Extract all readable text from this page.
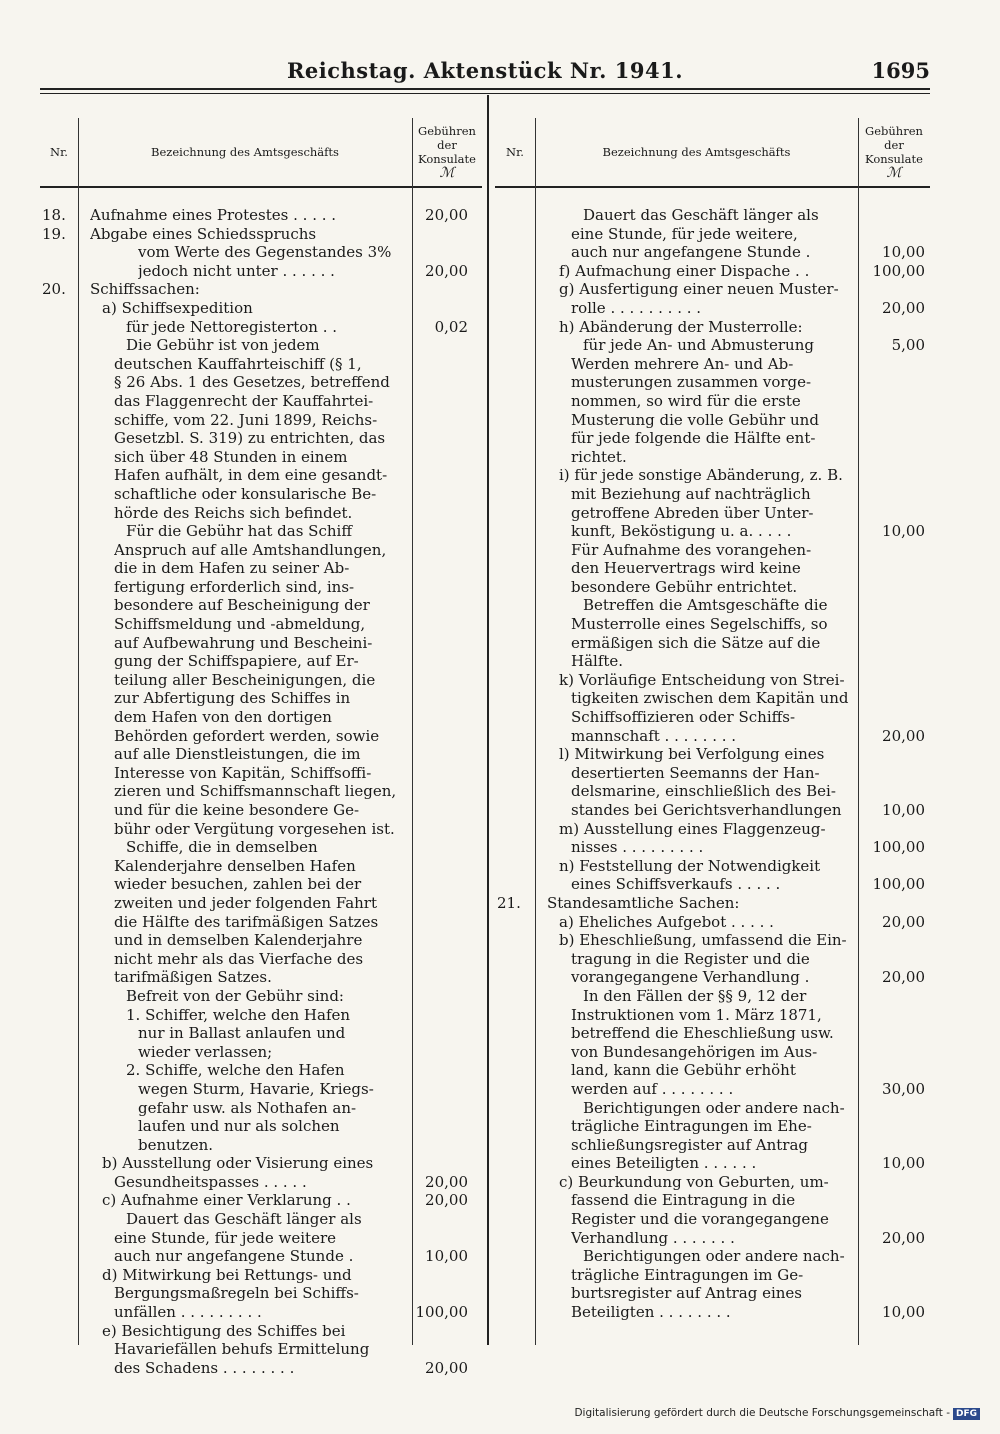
Reichstag. Aktenstück Nr. 1941.	1695
Nr.	Bezeichnung des Amtsgeschäfts
Gebühren
der
Konsulate
ℳ
18.	Aufnahme eines Protestes . . . . .	20,00
19.	Abgabe eines Schiedsspruchs
vom Werte des Gegenstandes 3%
jedoch nicht unter . . . . . .	20,00
20.	Schiffssachen:
a) Schiffsexpedition
für jede Nettoregisterton . .	0,02
Die Gebühr ist von jedem
deutschen Kauffahrteischiff (§ 1,
§ 26 Abs. 1 des Gesetzes, betreffend
das Flaggenrecht der Kauffahrtei-
schiffe, vom 22. Juni 1899, Reichs-
Gesetzbl. S. 319) zu entrichten, das
sich über 48 Stunden in einem
Hafen aufhält, in dem eine gesandt-
schaftliche oder konsularische Be-
hörde des Reichs sich befindet.
Für die Gebühr hat das Schiff
Anspruch auf alle Amtshandlungen,
die in dem Hafen zu seiner Ab-
fertigung erforderlich sind, ins-
besondere auf Bescheinigung der
Schiffsmeldung und -abmeldung,
auf Aufbewahrung und Bescheini-
gung der Schiffspapiere, auf Er-
teilung aller Bescheinigungen, die
zur Abfertigung des Schiffes in
dem Hafen von den dortigen
Behörden gefordert werden, sowie
auf alle Dienstleistungen, die im
Interesse von Kapitän, Schiffsoffi-
zieren und Schiffsmannschaft liegen,
und für die keine besondere Ge-
bühr oder Vergütung vorgesehen ist.
Schiffe, die in demselben
Kalenderjahre denselben Hafen
wieder besuchen, zahlen bei der
zweiten und jeder folgenden Fahrt
die Hälfte des tarifmäßigen Satzes
und in demselben Kalenderjahre
nicht mehr als das Vierfache des
tarifmäßigen Satzes.
Befreit von der Gebühr sind:
1. Schiffer, welche den Hafen
nur in Ballast anlaufen und
wieder verlassen;
2. Schiffe, welche den Hafen
wegen Sturm, Havarie, Kriegs-
gefahr usw. als Nothafen an-
laufen und nur als solchen
benutzen.
b) Ausstellung oder Visierung eines
Gesundheitspasses . . . . .	20,00
c) Aufnahme einer Verklarung . .	20,00
Dauert das Geschäft länger als
eine Stunde, für jede weitere
auch nur angefangene Stunde .	10,00
d) Mitwirkung bei Rettungs- und
Bergungsmaßregeln bei Schiffs-
unfällen . . . . . . . . .	100,00
e) Besichtigung des Schiffes bei
Havariefällen behufs Ermittelung
des Schadens . . . . . . . .	20,00
Nr.	Bezeichnung des Amtsgeschäfts
Gebühren
der
Konsulate
ℳ
Dauert das Geschäft länger als
eine Stunde, für jede weitere,
auch nur angefangene Stunde .	10,00
f) Aufmachung einer Dispache . .	100,00
g) Ausfertigung einer neuen Muster-
rolle . . . . . . . . . .	20,00
h) Abänderung der Musterrolle:
für jede An- und Abmusterung	5,00
Werden mehrere An- und Ab-
musterungen zusammen vorge-
nommen, so wird für die erste
Musterung die volle Gebühr und
für jede folgende die Hälfte ent-
richtet.
i) für jede sonstige Abänderung, z. B.
mit Beziehung auf nachträglich
getroffene Abreden über Unter-
kunft, Beköstigung u. a. . . . .	10,00
Für Aufnahme des vorangehen-
den Heuervertrags wird keine
besondere Gebühr entrichtet.
Betreffen die Amtsgeschäfte die
Musterrolle eines Segelschiffs, so
ermäßigen sich die Sätze auf die
Hälfte.
k) Vorläufige Entscheidung von Strei-
tigkeiten zwischen dem Kapitän und
Schiffsoffizieren oder Schiffs-
mannschaft . . . . . . . .	20,00
l) Mitwirkung bei Verfolgung eines
desertierten Seemanns der Han-
delsmarine, einschließlich des Bei-
standes bei Gerichtsverhandlungen	10,00
m) Ausstellung eines Flaggenzeug-
nisses . . . . . . . . .	100,00
n) Feststellung der Notwendigkeit
eines Schiffsverkaufs . . . . .	100,00
21.	Standesamtliche Sachen:
a) Eheliches Aufgebot . . . . .	20,00
b) Eheschließung, umfassend die Ein-
tragung in die Register und die
vorangegangene Verhandlung .	20,00
In den Fällen der §§ 9, 12 der
Instruktionen vom 1. März 1871,
betreffend die Eheschließung usw.
von Bundesangehörigen im Aus-
land, kann die Gebühr erhöht
werden auf . . . . . . . .	30,00
Berichtigungen oder andere nach-
trägliche Eintragungen im Ehe-
schließungsregister auf Antrag
eines Beteiligten . . . . . .	10,00
c) Beurkundung von Geburten, um-
fassend die Eintragung in die
Register und die vorangegangene
Verhandlung . . . . . . .	20,00
Berichtigungen oder andere nach-
trägliche Eintragungen im Ge-
burtsregister auf Antrag eines
Beteiligten . . . . . . . .	10,00
Digitalisierung gefördert durch die Deutsche Forschungsgemeinschaft - DFG
